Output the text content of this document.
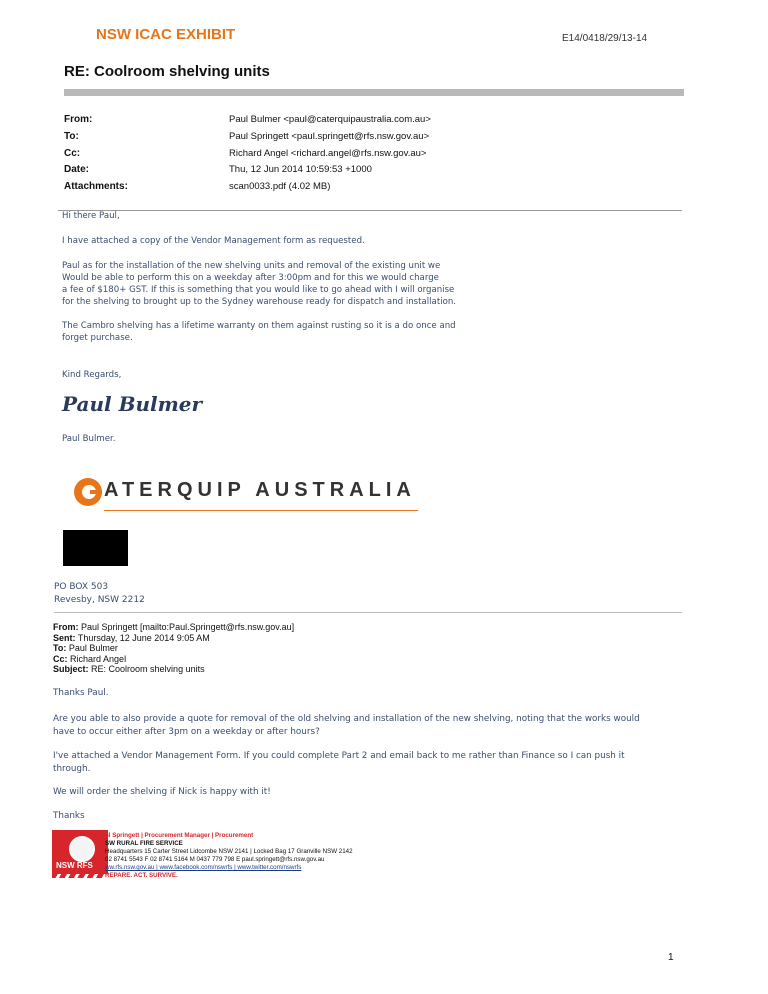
NSW ICAC EXHIBIT	E14/0418/29/13-14
RE: Coolroom shelving units
From:	Paul Bulmer <paul@caterquipaustralia.com.au>
To:	Paul Springett <paul.springett@rfs.nsw.gov.au>
Cc:	Richard Angel <richard.angel@rfs.nsw.gov.au>
Date:	Thu, 12 Jun 2014 10:59:53 +1000
Attachments:	scan0033.pdf (4.02 MB)
Hi there Paul,
I have attached a copy of the Vendor Management form as requested.
Paul as for the installation of the new shelving units and removal of the existing unit we
Would be able to perform this on a weekday after 3:00pm and for this we would charge
a fee of $180+ GST. If this is something that you would like to go ahead with I will organise
for the shelving to brought up to the Sydney warehouse ready for dispatch and installation.
The Cambro shelving has a lifetime warranty on them against rusting so it is a do once and
forget purchase.
Kind Regards,
Paul Bulmer
Paul Bulmer.
ATERQUIP AUSTRALIA
PO BOX 503
Revesby, NSW 2212
From: Paul Springett [mailto:Paul.Springett@rfs.nsw.gov.au]
Sent: Thursday, 12 June 2014 9:05 AM
To: Paul Bulmer
Cc: Richard Angel
Subject: RE: Coolroom shelving units
Thanks Paul.
Are you able to also provide a quote for removal of the old shelving and installation of the new shelving, noting that the works would
have to occur either after 3pm on a weekday or after hours?
I've attached a Vendor Management Form. If you could complete Part 2 and email back to me rather than Finance so I can push it
through.
We will order the shelving if Nick is happy with it!
Thanks
NSW RFS
ul Springett | Procurement Manager | Procurement
SW RURAL FIRE SERVICE
Headquarters 15 Carter Street Lidcombe NSW 2141 | Locked Bag 17 Granville NSW 2142
02 8741 5543 F 02 8741 5164 M 0437 779 798 E paul.springett@rfs.nsw.gov.au
ww.rfs.nsw.gov.au | www.facebook.com/nswrfs | www.twitter.com/nswrfs
REPARE. ACT. SURVIVE.
1
